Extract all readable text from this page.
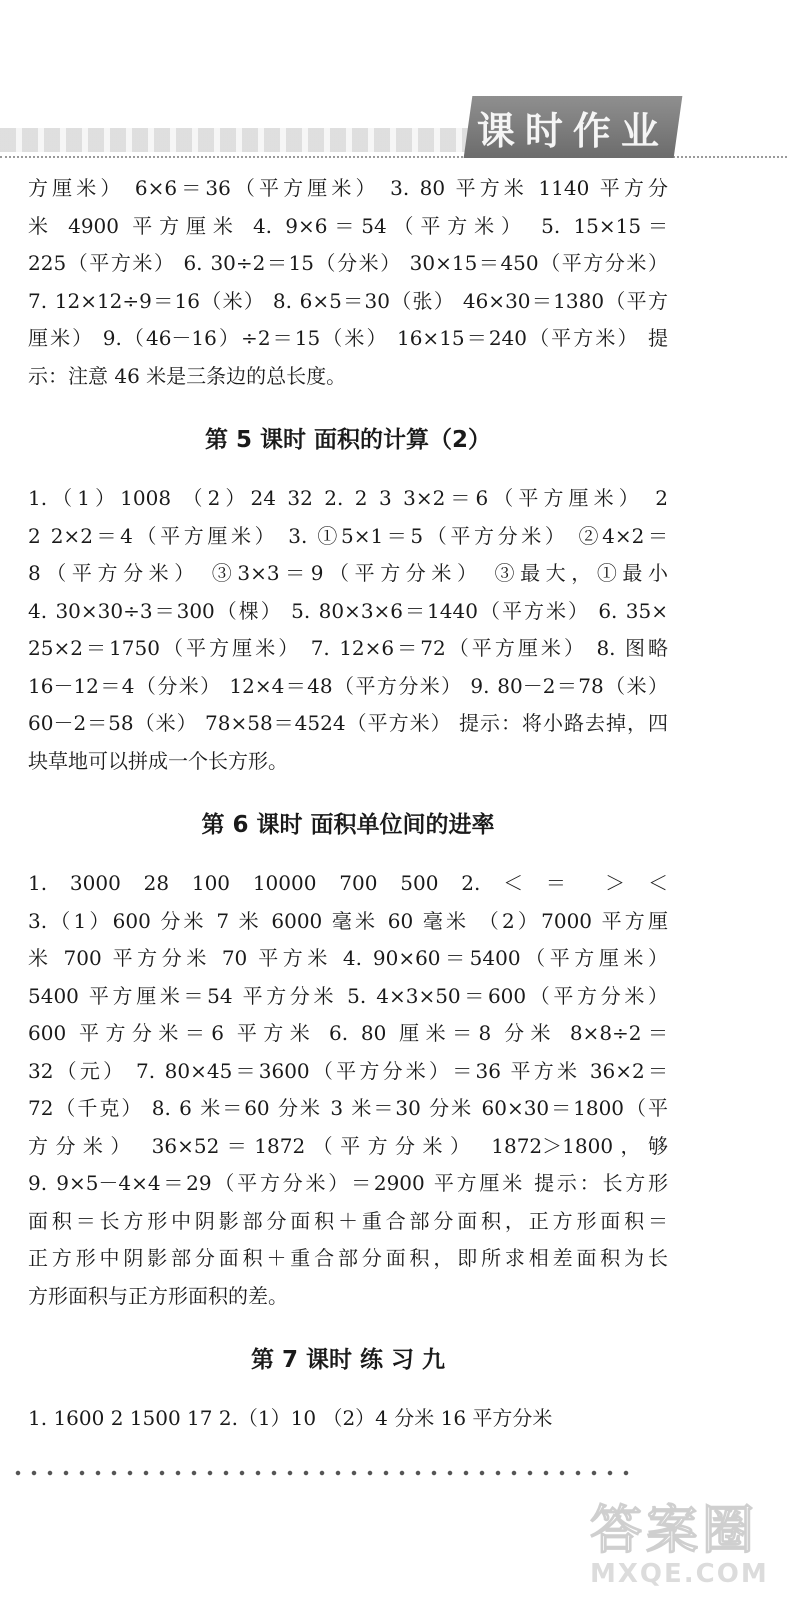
课时作业

方厘米） 6×6＝36（平方厘米） 3. 80 平方米 1140 平方分

米 4900 平方厘米 4. 9×6＝54（平方米） 5. 15×15＝

225（平方米） 6. 30÷2＝15（分米） 30×15＝450（平方分米）

7. 12×12÷9＝16（米） 8. 6×5＝30（张） 46×30＝1380（平方

厘米） 9.（46－16）÷2＝15（米） 16×15＝240（平方米） 提

示：注意 46 米是三条边的总长度。

第 5 课时 面积的计算（2）

1.（1）1008 （2）24 32 2. 2 3 3×2＝6（平方厘米） 2

2 2×2＝4（平方厘米） 3. ①5×1＝5（平方分米） ②4×2＝

8（平方分米） ③3×3＝9（平方分米） ③最大，①最小

4. 30×30÷3＝300（棵） 5. 80×3×6＝1440（平方米） 6. 35×

25×2＝1750（平方厘米） 7. 12×6＝72（平方厘米） 8. 图略

16－12＝4（分米） 12×4＝48（平方分米） 9. 80－2＝78（米）

60－2＝58（米） 78×58＝4524（平方米） 提示：将小路去掉，四

块草地可以拼成一个长方形。

第 6 课时 面积单位间的进率

1. 3000 28 100 10000 700 500 2. ＜ ＝ ＞ ＜

3.（1）600 分米 7 米 6000 毫米 60 毫米 （2）7000 平方厘

米 700 平方分米 70 平方米 4. 90×60＝5400（平方厘米）

5400 平方厘米＝54 平方分米 5. 4×3×50＝600（平方分米）

600 平方分米＝6 平方米 6. 80 厘米＝8 分米 8×8÷2＝

32（元） 7. 80×45＝3600（平方分米）＝36 平方米 36×2＝

72（千克） 8. 6 米＝60 分米 3 米＝30 分米 60×30＝1800（平

方分米） 36×52＝1872（平方分米） 1872＞1800，够

9. 9×5－4×4＝29（平方分米）＝2900 平方厘米 提示：长方形

面积＝长方形中阴影部分面积＋重合部分面积，正方形面积＝

正方形中阴影部分面积＋重合部分面积，即所求相差面积为长

方形面积与正方形面积的差。

第 7 课时 练 习 九

1. 1600 2 1500 17 2.（1）10 （2）4 分米 16 平方分米

答案圈
MXQE.COM
